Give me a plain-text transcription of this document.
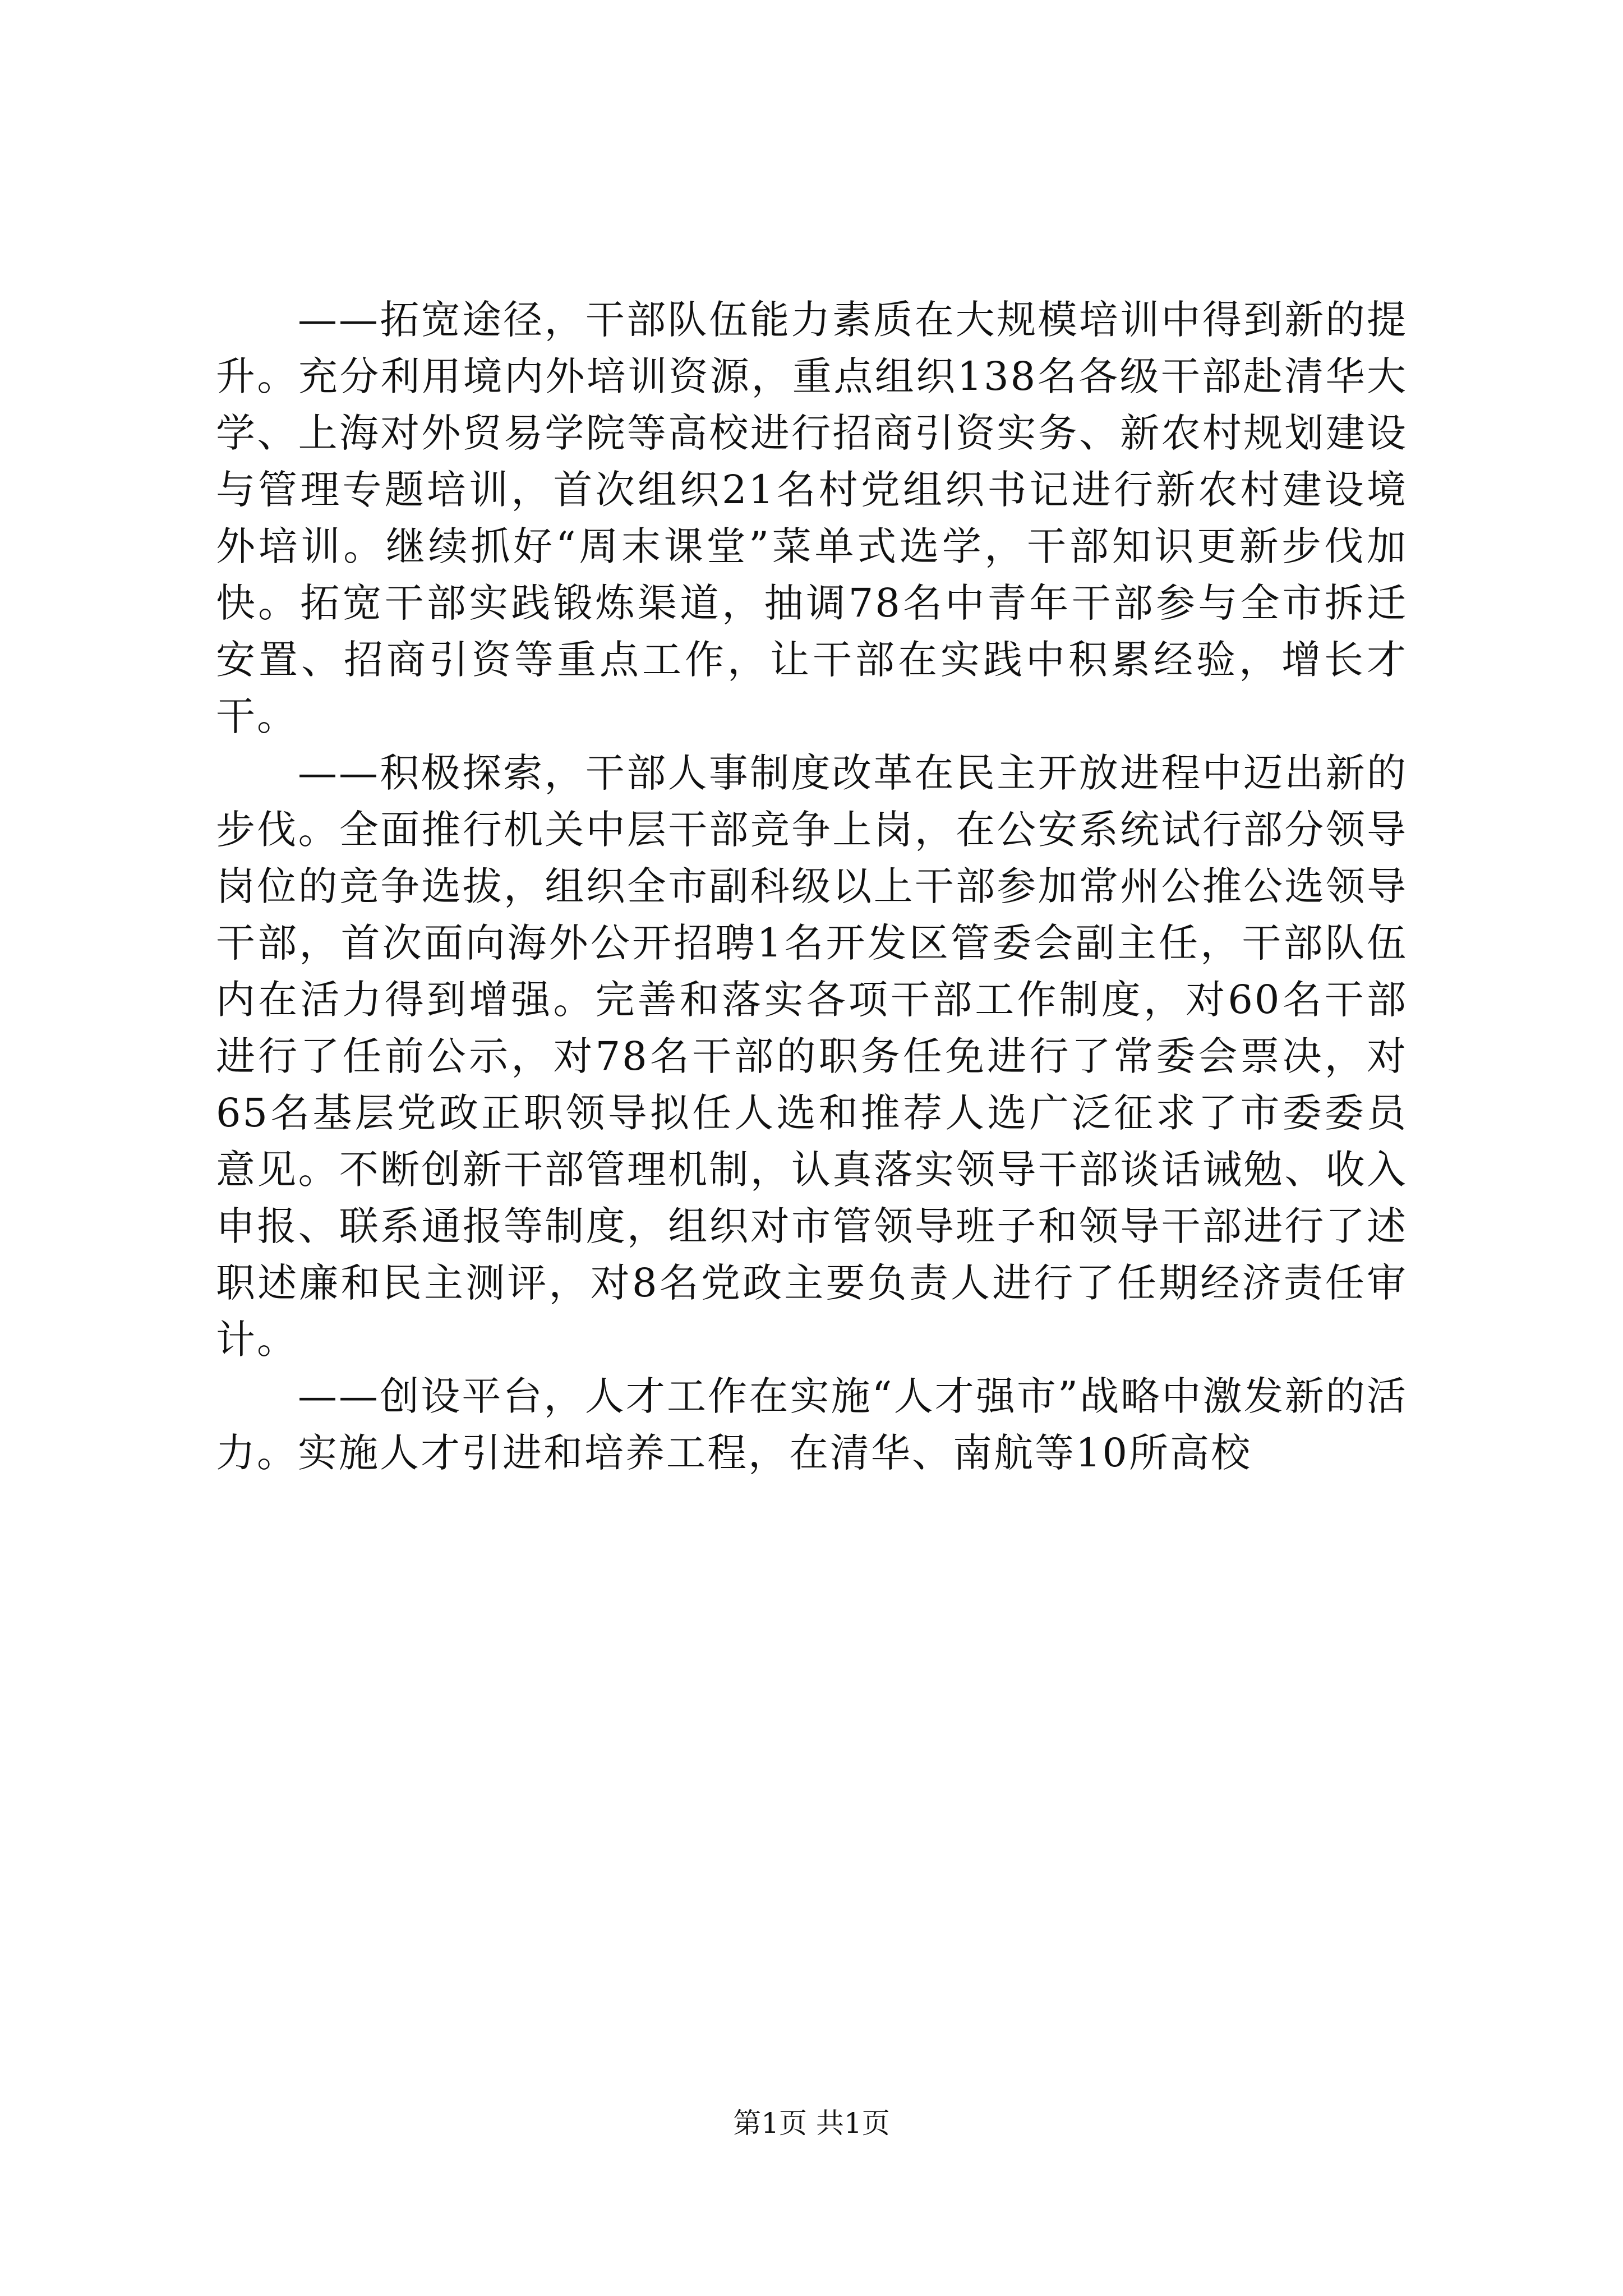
——拓宽途径，干部队伍能力素质在大规模培训中得到新的提升。充分利用境内外培训资源，重点组织138名各级干部赴清华大学、上海对外贸易学院等高校进行招商引资实务、新农村规划建设与管理专题培训，首次组织21名村党组织书记进行新农村建设境外培训。继续抓好“周末课堂”菜单式选学，干部知识更新步伐加快。拓宽干部实践锻炼渠道，抽调78名中青年干部参与全市拆迁安置、招商引资等重点工作，让干部在实践中积累经验，增长才干。

——积极探索，干部人事制度改革在民主开放进程中迈出新的步伐。全面推行机关中层干部竞争上岗，在公安系统试行部分领导岗位的竞争选拔，组织全市副科级以上干部参加常州公推公选领导干部，首次面向海外公开招聘1名开发区管委会副主任，干部队伍内在活力得到增强。完善和落实各项干部工作制度，对60名干部进行了任前公示，对78名干部的职务任免进行了常委会票决，对65名基层党政正职领导拟任人选和推荐人选广泛征求了市委委员意见。不断创新干部管理机制，认真落实领导干部谈话诫勉、收入申报、联系通报等制度，组织对市管领导班子和领导干部进行了述职述廉和民主测评，对8名党政主要负责人进行了任期经济责任审计。

——创设平台，人才工作在实施“人才强市”战略中激发新的活力。实施人才引进和培养工程，在清华、南航等10所高校

第1页 共1页
